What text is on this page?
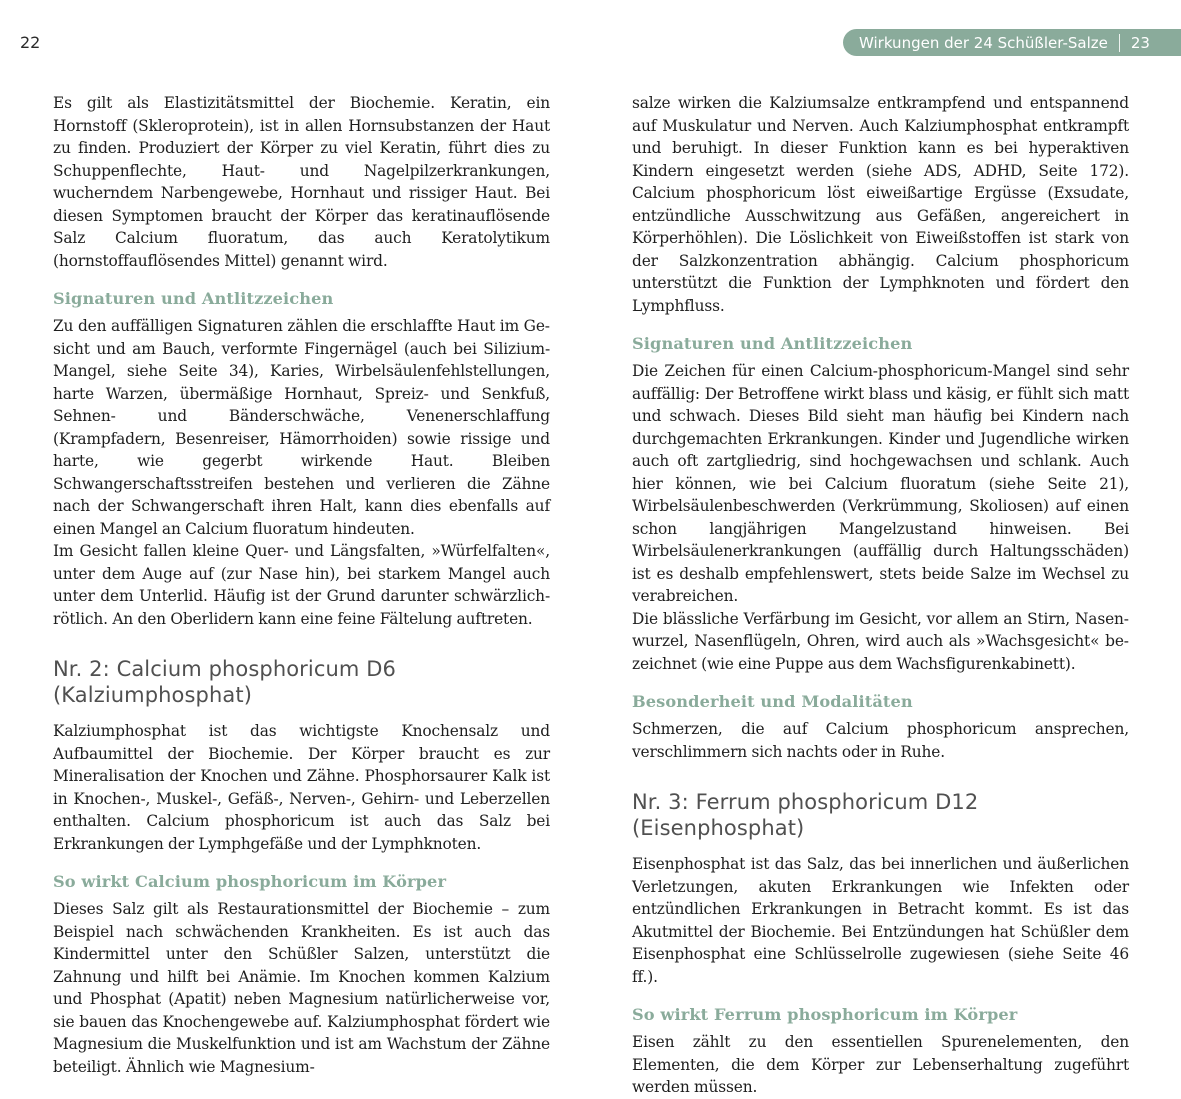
22

Es gilt als Elastizitätsmittel der Biochemie. Keratin, ein Hornstoff (Skleroprotein), ist in allen Hornsubstanzen der Haut zu finden. Produziert der Körper zu viel Keratin, führt dies zu Schuppenflechte, Haut- und Nagelpilzerkrankungen, wucherndem Narbengewebe, Hornhaut und rissiger Haut. Bei diesen Symptomen braucht der Körper das keratinauflösende Salz Calcium fluoratum, das auch Keratolytikum (hornstoffauflösendes Mittel) genannt wird.

Signaturen und Antlitzzeichen

Zu den auffälligen Signaturen zählen die erschlaffte Haut im Gesicht und am Bauch, verformte Fingernägel (auch bei Silizium-Mangel, siehe Seite 34), Karies, Wirbelsäulenfehlstellungen, harte Warzen, übermäßige Hornhaut, Spreiz- und Senkfuß, Sehnen- und Bänderschwäche, Venenerschlaffung (Krampfadern, Besenreiser, Hämorrhoiden) sowie rissige und harte, wie gegerbt wirkende Haut. Bleiben Schwangerschaftsstreifen bestehen und verlieren die Zähne nach der Schwangerschaft ihren Halt, kann dies ebenfalls auf einen Mangel an Calcium fluoratum hindeuten.

Im Gesicht fallen kleine Quer- und Längsfalten, »Würfelfalten«, unter dem Auge auf (zur Nase hin), bei starkem Mangel auch unter dem Unterlid. Häufig ist der Grund darunter schwärzlich-rötlich. An den Oberlidern kann eine feine Fältelung auftreten.

Nr. 2: Calcium phosphoricum D6
(Kalziumphosphat)

Kalziumphosphat ist das wichtigste Knochensalz und Aufbaumittel der Biochemie. Der Körper braucht es zur Mineralisation der Knochen und Zähne. Phosphorsaurer Kalk ist in Knochen-, Muskel-, Gefäß-, Nerven-, Gehirn- und Leberzellen enthalten. Calcium phosphoricum ist auch das Salz bei Erkrankungen der Lymphgefäße und der Lymphknoten.

So wirkt Calcium phosphoricum im Körper

Dieses Salz gilt als Restaurationsmittel der Biochemie – zum Beispiel nach schwächenden Krankheiten. Es ist auch das Kindermittel unter den Schüßler Salzen, unterstützt die Zahnung und hilft bei Anämie. Im Knochen kommen Kalzium und Phosphat (Apatit) neben Magnesium natürlicherweise vor, sie bauen das Knochengewebe auf. Kalziumphosphat fördert wie Magnesium die Muskelfunktion und ist am Wachstum der Zähne beteiligt. Ähnlich wie Magnesium-

Wirkungen der 24 Schüßler-Salze 23

salze wirken die Kalziumsalze entkrampfend und entspannend auf Muskulatur und Nerven. Auch Kalziumphosphat entkrampft und beruhigt. In dieser Funktion kann es bei hyperaktiven Kindern eingesetzt werden (siehe ADS, ADHD, Seite 172). Calcium phosphoricum löst eiweißartige Ergüsse (Exsudate, entzündliche Ausschwitzung aus Gefäßen, angereichert in Körperhöhlen). Die Löslichkeit von Eiweißstoffen ist stark von der Salzkonzentration abhängig. Calcium phosphoricum unterstützt die Funktion der Lymphknoten und fördert den Lymphfluss.

Signaturen und Antlitzzeichen

Die Zeichen für einen Calcium-phosphoricum-Mangel sind sehr auffällig: Der Betroffene wirkt blass und käsig, er fühlt sich matt und schwach. Dieses Bild sieht man häufig bei Kindern nach durchgemachten Erkrankungen. Kinder und Jugendliche wirken auch oft zartgliedrig, sind hochgewachsen und schlank. Auch hier können, wie bei Calcium fluoratum (siehe Seite 21), Wirbelsäulenbeschwerden (Verkrümmung, Skoliosen) auf einen schon langjährigen Mangelzustand hinweisen. Bei Wirbelsäulenerkrankungen (auffällig durch Haltungsschäden) ist es deshalb empfehlenswert, stets beide Salze im Wechsel zu verabreichen.

Die blässliche Verfärbung im Gesicht, vor allem an Stirn, Nasenwurzel, Nasenflügeln, Ohren, wird auch als »Wachsgesicht« bezeichnet (wie eine Puppe aus dem Wachsfigurenkabinett).

Besonderheit und Modalitäten

Schmerzen, die auf Calcium phosphoricum ansprechen, verschlimmern sich nachts oder in Ruhe.

Nr. 3: Ferrum phosphoricum D12
(Eisenphosphat)

Eisenphosphat ist das Salz, das bei innerlichen und äußerlichen Verletzungen, akuten Erkrankungen wie Infekten oder entzündlichen Erkrankungen in Betracht kommt. Es ist das Akutmittel der Biochemie. Bei Entzündungen hat Schüßler dem Eisenphosphat eine Schlüsselrolle zugewiesen (siehe Seite 46 ff.).

So wirkt Ferrum phosphoricum im Körper

Eisen zählt zu den essentiellen Spurenelementen, den Elementen, die dem Körper zur Lebenserhaltung zugeführt werden müssen.
